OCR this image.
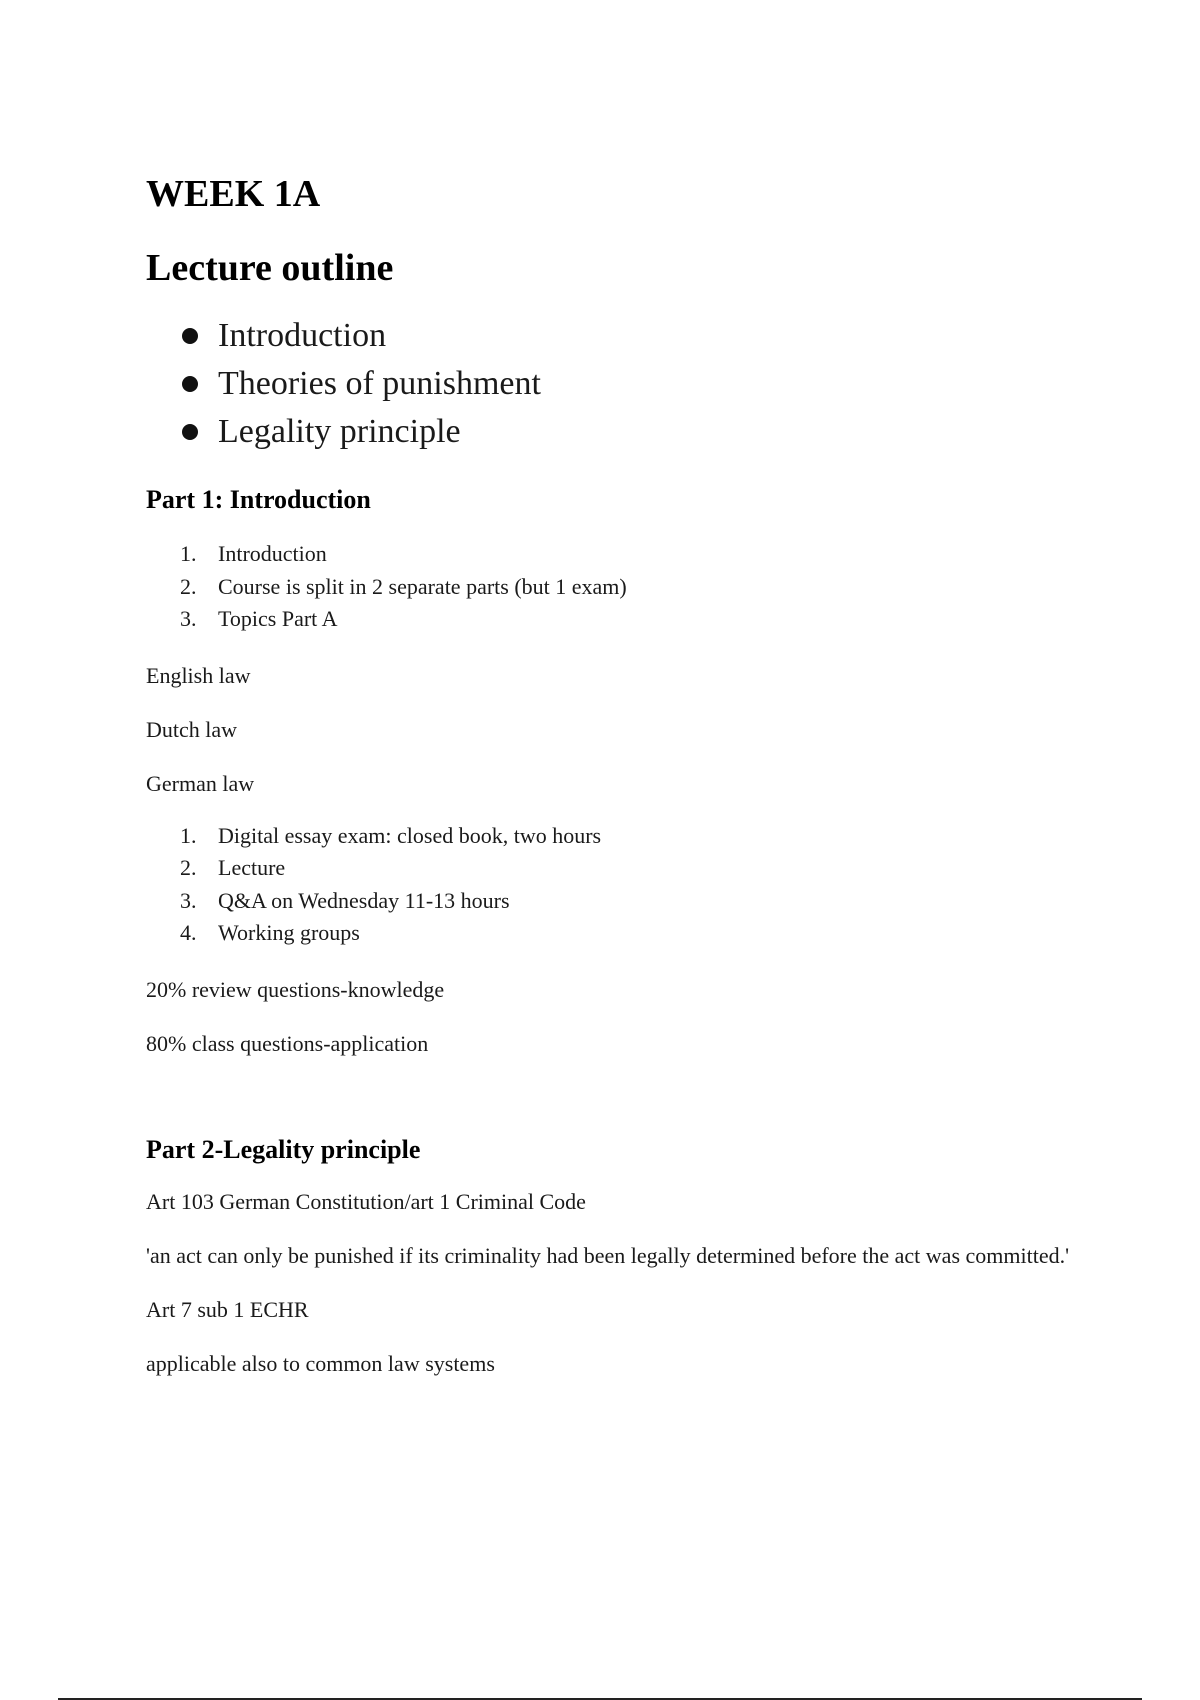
WEEK 1A
Lecture outline
Introduction
Theories of punishment
Legality principle
Part 1: Introduction
1. Introduction
2. Course is split in 2 separate parts (but 1 exam)
3. Topics Part A

English law

Dutch law

German law

1. Digital essay exam: closed book, two hours
2. Lecture
3. Q&A on Wednesday 11-13 hours
4. Working groups

20% review questions-knowledge

80% class questions-application

Part 2-Legality principle

Art 103 German Constitution/art 1 Criminal Code

'an act can only be punished if its criminality had been legally determined before the act was committed.'

Art 7 sub 1 ECHR

applicable also to common law systems
